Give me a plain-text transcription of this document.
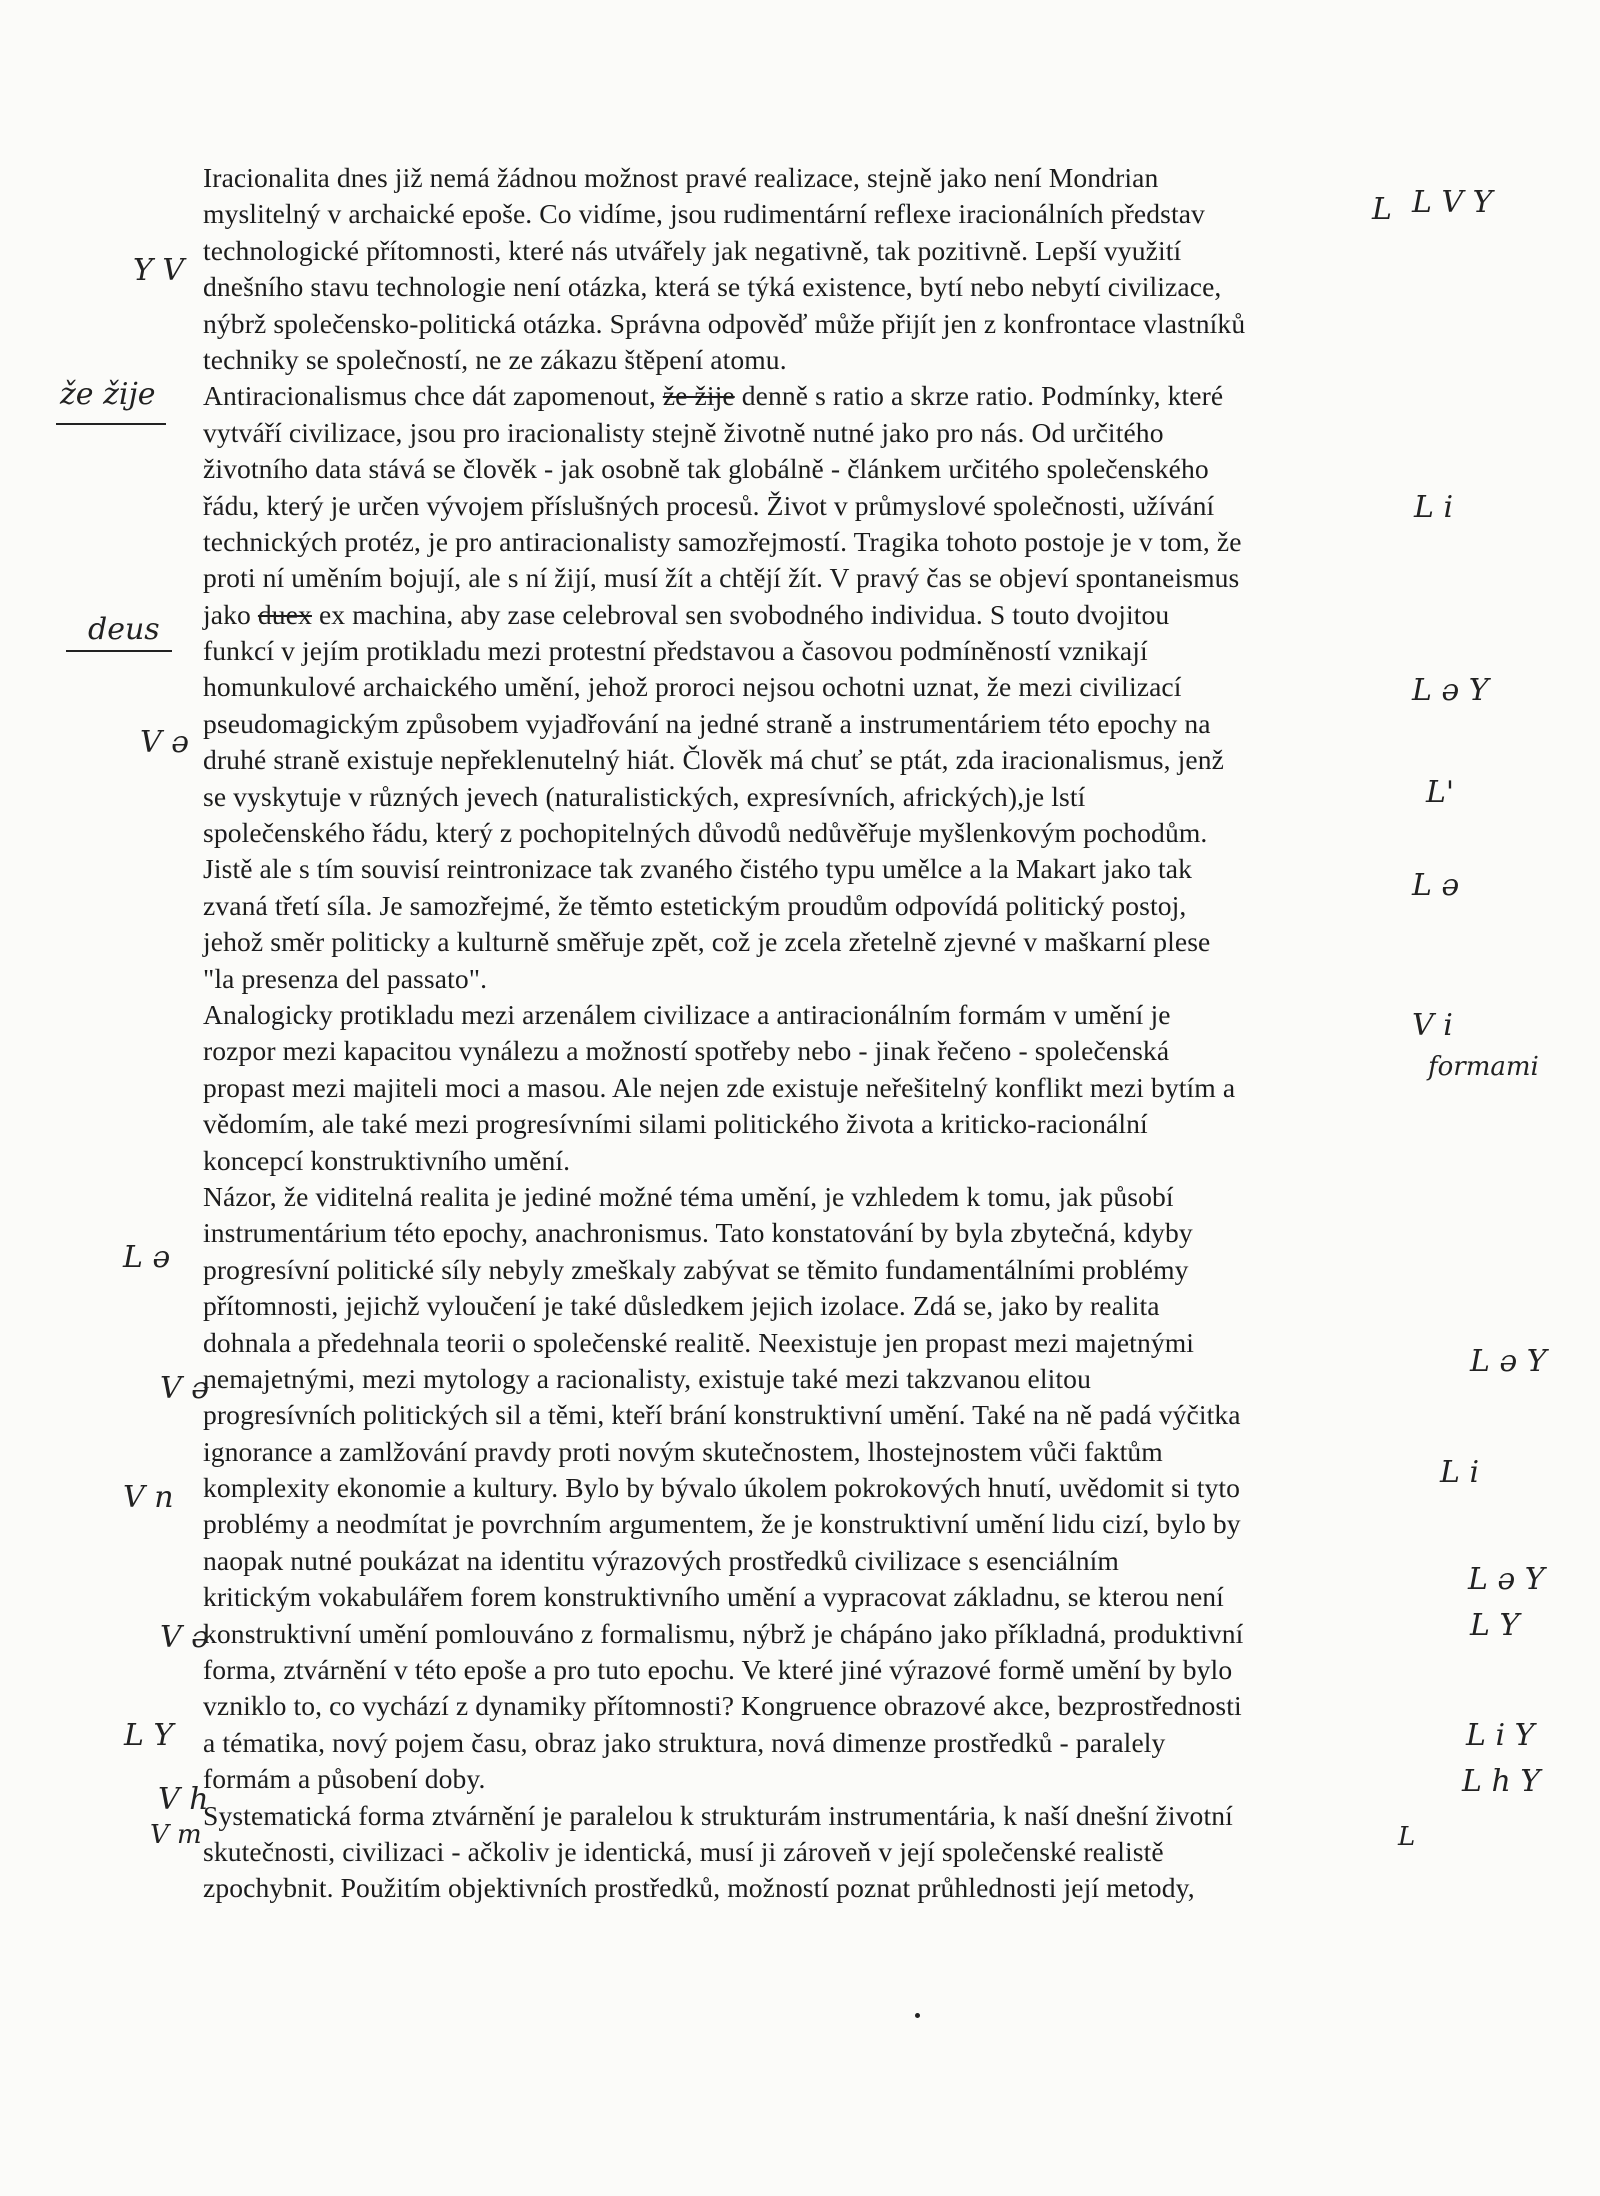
Iracionalita dnes již nemá žádnou možnost pravé realizace, stejně jako není Mondrian
myslitelný v archaické epoše. Co vidíme, jsou rudimentární reflexe iracionálních představ
technologické přítomnosti, které nás utvářely jak negativně, tak pozitivně. Lepší využití
dnešního stavu technologie není otázka, která se týká existence, bytí nebo nebytí civilizace,
nýbrž společensko-politická otázka. Správna odpověď může přijít jen z konfrontace vlastníků
techniky se společností, ne ze zákazu štěpení atomu.
Antiracionalismus chce dát zapomenout, že žije denně s ratio a skrze ratio. Podmínky, které
vytváří civilizace, jsou pro iracionalisty stejně životně nutné jako pro nás. Od určitého
životního data stává se člověk - jak osobně tak globálně - článkem určitého společenského
řádu, který je určen vývojem příslušných procesů. Život v průmyslové společnosti, užívání
technických protéz, je pro antiracionalisty samozřejmostí. Tragika tohoto postoje je v tom, že
proti ní uměním bojují, ale s ní žijí, musí žít a chtějí žít. V pravý čas se objeví spontaneismus
jako duex ex machina, aby zase celebroval sen svobodného individua. S touto dvojitou
funkcí v jejím protikladu mezi protestní představou a časovou podmíněností vznikají
homunkulové archaického umění, jehož proroci nejsou ochotni uznat, že mezi civilizací
pseudomagickým způsobem vyjadřování na jedné straně a instrumentáriem této epochy na
druhé straně existuje nepřeklenutelný hiát. Člověk má chuť se ptát, zda iracionalismus, jenž
se vyskytuje v různých jevech (naturalistických, expresívních, afrických),je lstí
společenského řádu, který z pochopitelných důvodů nedůvěřuje myšlenkovým pochodům.
Jistě ale s tím souvisí reintronizace tak zvaného čistého typu umělce a la Makart jako tak
zvaná třetí síla. Je samozřejmé, že těmto estetickým proudům odpovídá politický postoj,
jehož směr politicky a kulturně směřuje zpět, což je zcela zřetelně zjevné v maškarní plese
"la presenza del passato".
Analogicky protikladu mezi arzenálem civilizace a antiracionálním formám v umění je
rozpor mezi kapacitou vynálezu a možností spotřeby nebo - jinak řečeno - společenská
propast mezi majiteli moci a masou. Ale nejen zde existuje neřešitelný konflikt mezi bytím a
vědomím, ale také mezi progresívními silami politického života a kriticko-racionální
koncepcí konstruktivního umění.
Názor, že viditelná realita je jediné možné téma umění, je vzhledem k tomu, jak působí
instrumentárium této epochy, anachronismus. Tato konstatování by byla zbytečná, kdyby
progresívní politické síly nebyly zmeškaly zabývat se těmito fundamentálními problémy
přítomnosti, jejichž vyloučení je také důsledkem jejich izolace. Zdá se, jako by realita
dohnala a předehnala teorii o společenské realitě. Neexistuje jen propast mezi majetnými
nemajetnými, mezi mytology a racionalisty, existuje také mezi takzvanou elitou
progresívních politických sil a těmi, kteří brání konstruktivní umění. Také na ně padá výčitka
ignorance a zamlžování pravdy proti novým skutečnostem, lhostejnostem vůči faktům
komplexity ekonomie a kultury. Bylo by bývalo úkolem pokrokových hnutí, uvědomit si tyto
problémy a neodmítat je povrchním argumentem, že je konstruktivní umění lidu cizí, bylo by
naopak nutné poukázat na identitu výrazových prostředků civilizace s esenciálním
kritickým vokabulářem forem konstruktivního umění a vypracovat základnu, se kterou není
konstruktivní umění pomlouváno z formalismu, nýbrž je chápáno jako příkladná, produktivní
forma, ztvárnění v této epoše a pro tuto epochu. Ve které jiné výrazové formě umění by bylo
vzniklo to, co vychází z dynamiky přítomnosti? Kongruence obrazové akce, bezprostřednosti
a tématika, nový pojem času, obraz jako struktura, nová dimenze prostředků - paralely
formám a působení doby.
Systematická forma ztvárnění je paralelou k strukturám instrumentária, k naší dnešní životní
skutečnosti, civilizaci - ačkoliv je identická, musí ji zároveň v její společenské realistě
zpochybnit. Použitím objektivních prostředků, možností poznat průhlednosti její metody,
L L V Y
Y V
že žije
deus
L i
V ə
L ə Y
L'
L ə
V i
formami
L ə
V ə
L ə Y
V n
L i
L ə Y
V ə	L Y
L Y	L i Y
V h
L h Y
V m	L
